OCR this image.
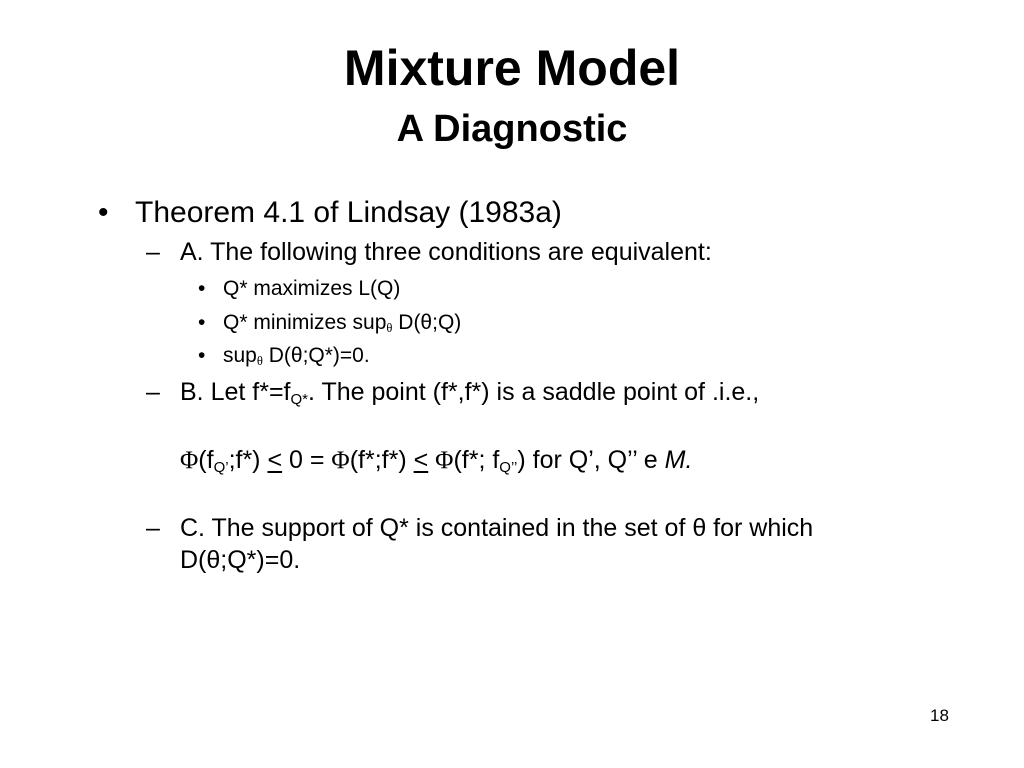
Mixture Model
A Diagnostic
• Theorem 4.1 of Lindsay (1983a)
– A. The following three conditions are equivalent:
• Q* maximizes L(Q)
• Q* minimizes sup$_\theta$ D(θ;Q)
• sup$_\theta$ D(θ;Q*)=0.
– B. Let $f*=f_{Q*}$. The point (f*,f*) is a saddle point of .i.e.,
$\Phi(f_{Q’};f*) < 0$ = Φ(f*;f*) < Φ(f*; $f_{Q’’}$) for Q’, Q’’ e M.
– C. The support of Q* is contained in the set of θ for which
D(θ;Q*)=0.
18
